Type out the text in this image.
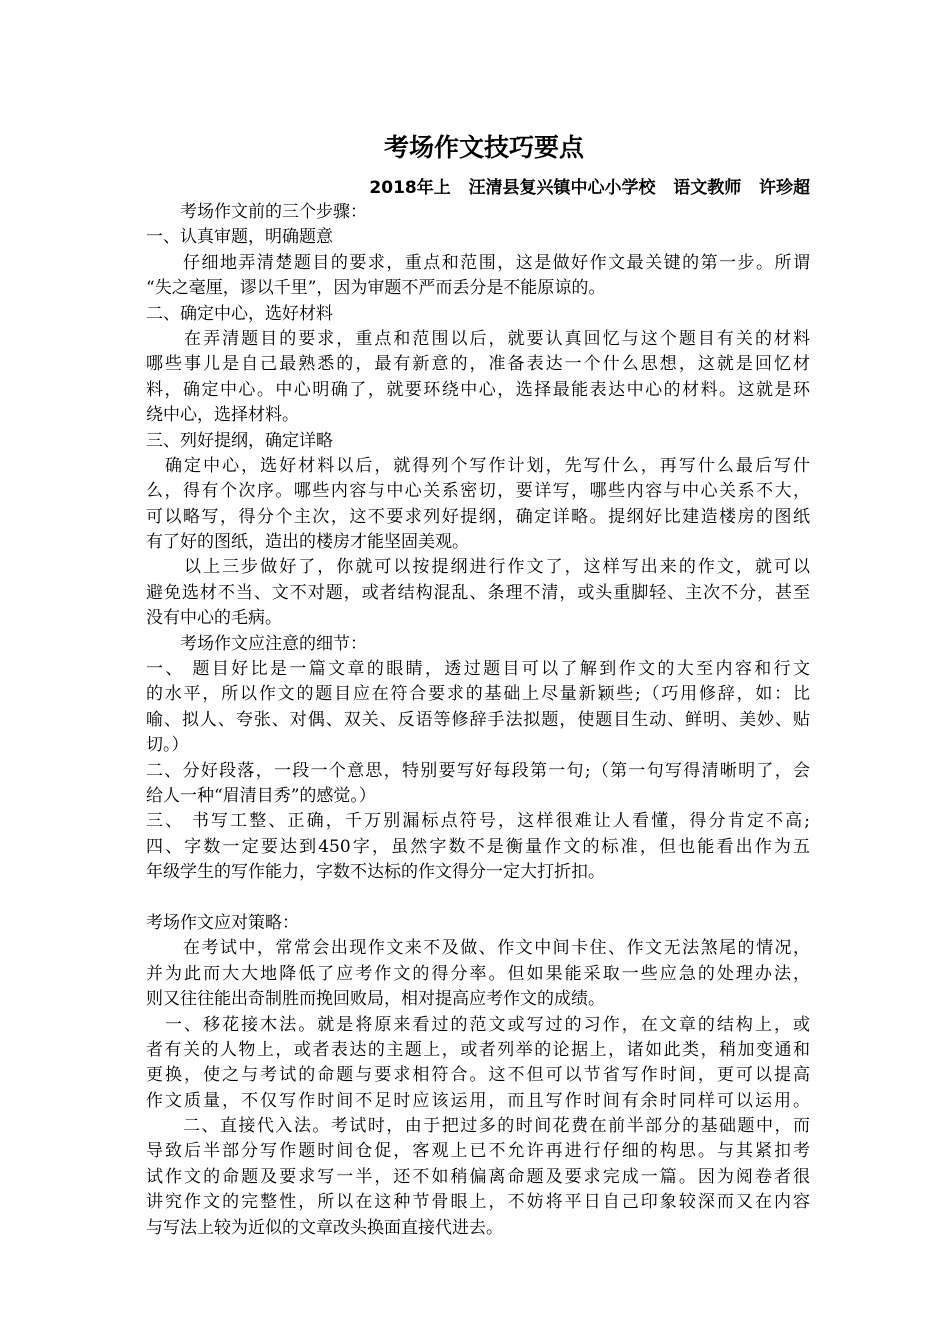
考场作文技巧要点
2018年上   汪清县复兴镇中心小学校   语文教师   许珍超
　　考场作文前的三个步骤：
一、认真审题，明确题意
　　仔细地弄清楚题目的要求，重点和范围，这是做好作文最关键的第一步。所谓
“失之毫厘，谬以千里”，因为审题不严而丢分是不能原谅的。
二、确定中心，选好材料
　　在弄清题目的要求，重点和范围以后，就要认真回忆与这个题目有关的材料
哪些事儿是自己最熟悉的，最有新意的，准备表达一个什么思想，这就是回忆材
料，确定中心。中心明确了，就要环绕中心，选择最能表达中心的材料。这就是环
绕中心，选择材料。
三、列好提纲，确定详略
　确定中心，选好材料以后，就得列个写作计划，先写什么，再写什么最后写什
么，得有个次序。哪些内容与中心关系密切，要详写，哪些内容与中心关系不大，
可以略写，得分个主次，这不要求列好提纲，确定详略。提纲好比建造楼房的图纸
有了好的图纸，造出的楼房才能坚固美观。
　　以上三步做好了，你就可以按提纲进行作文了，这样写出来的作文，就可以
避免选材不当、文不对题，或者结构混乱、条理不清，或头重脚轻、主次不分，甚至
没有中心的毛病。
　　考场作文应注意的细节：
一、 题目好比是一篇文章的眼睛，透过题目可以了解到作文的大至内容和行文
的水平，所以作文的题目应在符合要求的基础上尽量新颖些;（巧用修辞，如：比
喻、拟人、夸张、对偶、双关、反语等修辞手法拟题，使题目生动、鲜明、美妙、贴
切。）
二、分好段落，一段一个意思，特别要写好每段第一句;（第一句写得清晰明了，会
给人一种“眉清目秀”的感觉。）
三、 书写工整、正确，千万别漏标点符号，这样很难让人看懂，得分肯定不高;
四、字数一定要达到450字，虽然字数不是衡量作文的标准，但也能看出作为五
年级学生的写作能力，字数不达标的作文得分一定大打折扣。
考场作文应对策略：
　　在考试中，常常会出现作文来不及做、作文中间卡住、作文无法煞尾的情况，
并为此而大大地降低了应考作文的得分率。但如果能采取一些应急的处理办法，
则又往往能出奇制胜而挽回败局，相对提高应考作文的成绩。
　一、移花接木法。就是将原来看过的范文或写过的习作，在文章的结构上，或
者有关的人物上，或者表达的主题上，或者列举的论据上，诸如此类，稍加变通和
更换，使之与考试的命题与要求相符合。这不但可以节省写作时间，更可以提高
作文质量，不仅写作时间不足时应该运用，而且写作时间有余时同样可以运用。
　　二、直接代入法。考试时，由于把过多的时间花费在前半部分的基础题中，而
导致后半部分写作题时间仓促，客观上已不允许再进行仔细的构思。与其紧扣考
试作文的命题及要求写一半，还不如稍偏离命题及要求完成一篇。因为阅卷者很
讲究作文的完整性，所以在这种节骨眼上，不妨将平日自己印象较深而又在内容
与写法上较为近似的文章改头换面直接代进去。
